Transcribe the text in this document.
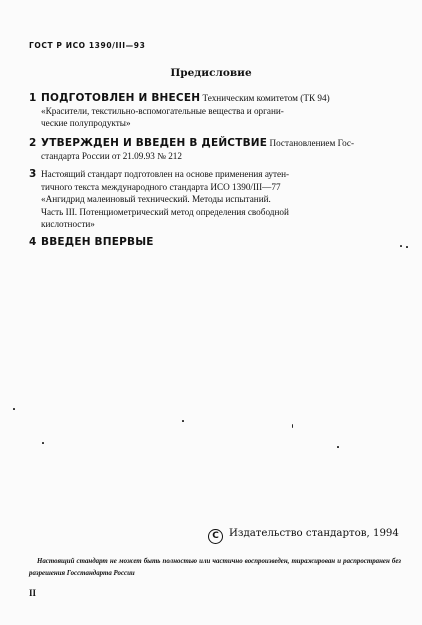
ГОСТ Р ИСО 1390/III—93
Предисловие
1 ПОДГОТОВЛЕН И ВНЕСЕН Техническим комитетом (ТК 94)
«Красители, текстильно-вспомогательные вещества и органи-
ческие полупродукты»
2 УТВЕРЖДЕН И ВВЕДЕН В ДЕЙСТВИЕ Постановлением Гос-
стандарта России от 21.09.93 № 212
3 Настоящий стандарт подготовлен на основе применения аутен-
тичного текста международного стандарта ИСО 1390/III—77
«Ангидрид малеиновый технический. Методы испытаний.
Часть III. Потенциометрический метод определения свободной
кислотности»
4 ВВЕДЕН ВПЕРВЫЕ
С Издательство стандартов, 1994
Настоящий стандарт не может быть полностью или частично воспроизведен, тиражирован и распространен без разрешения Госстандарта России
II
